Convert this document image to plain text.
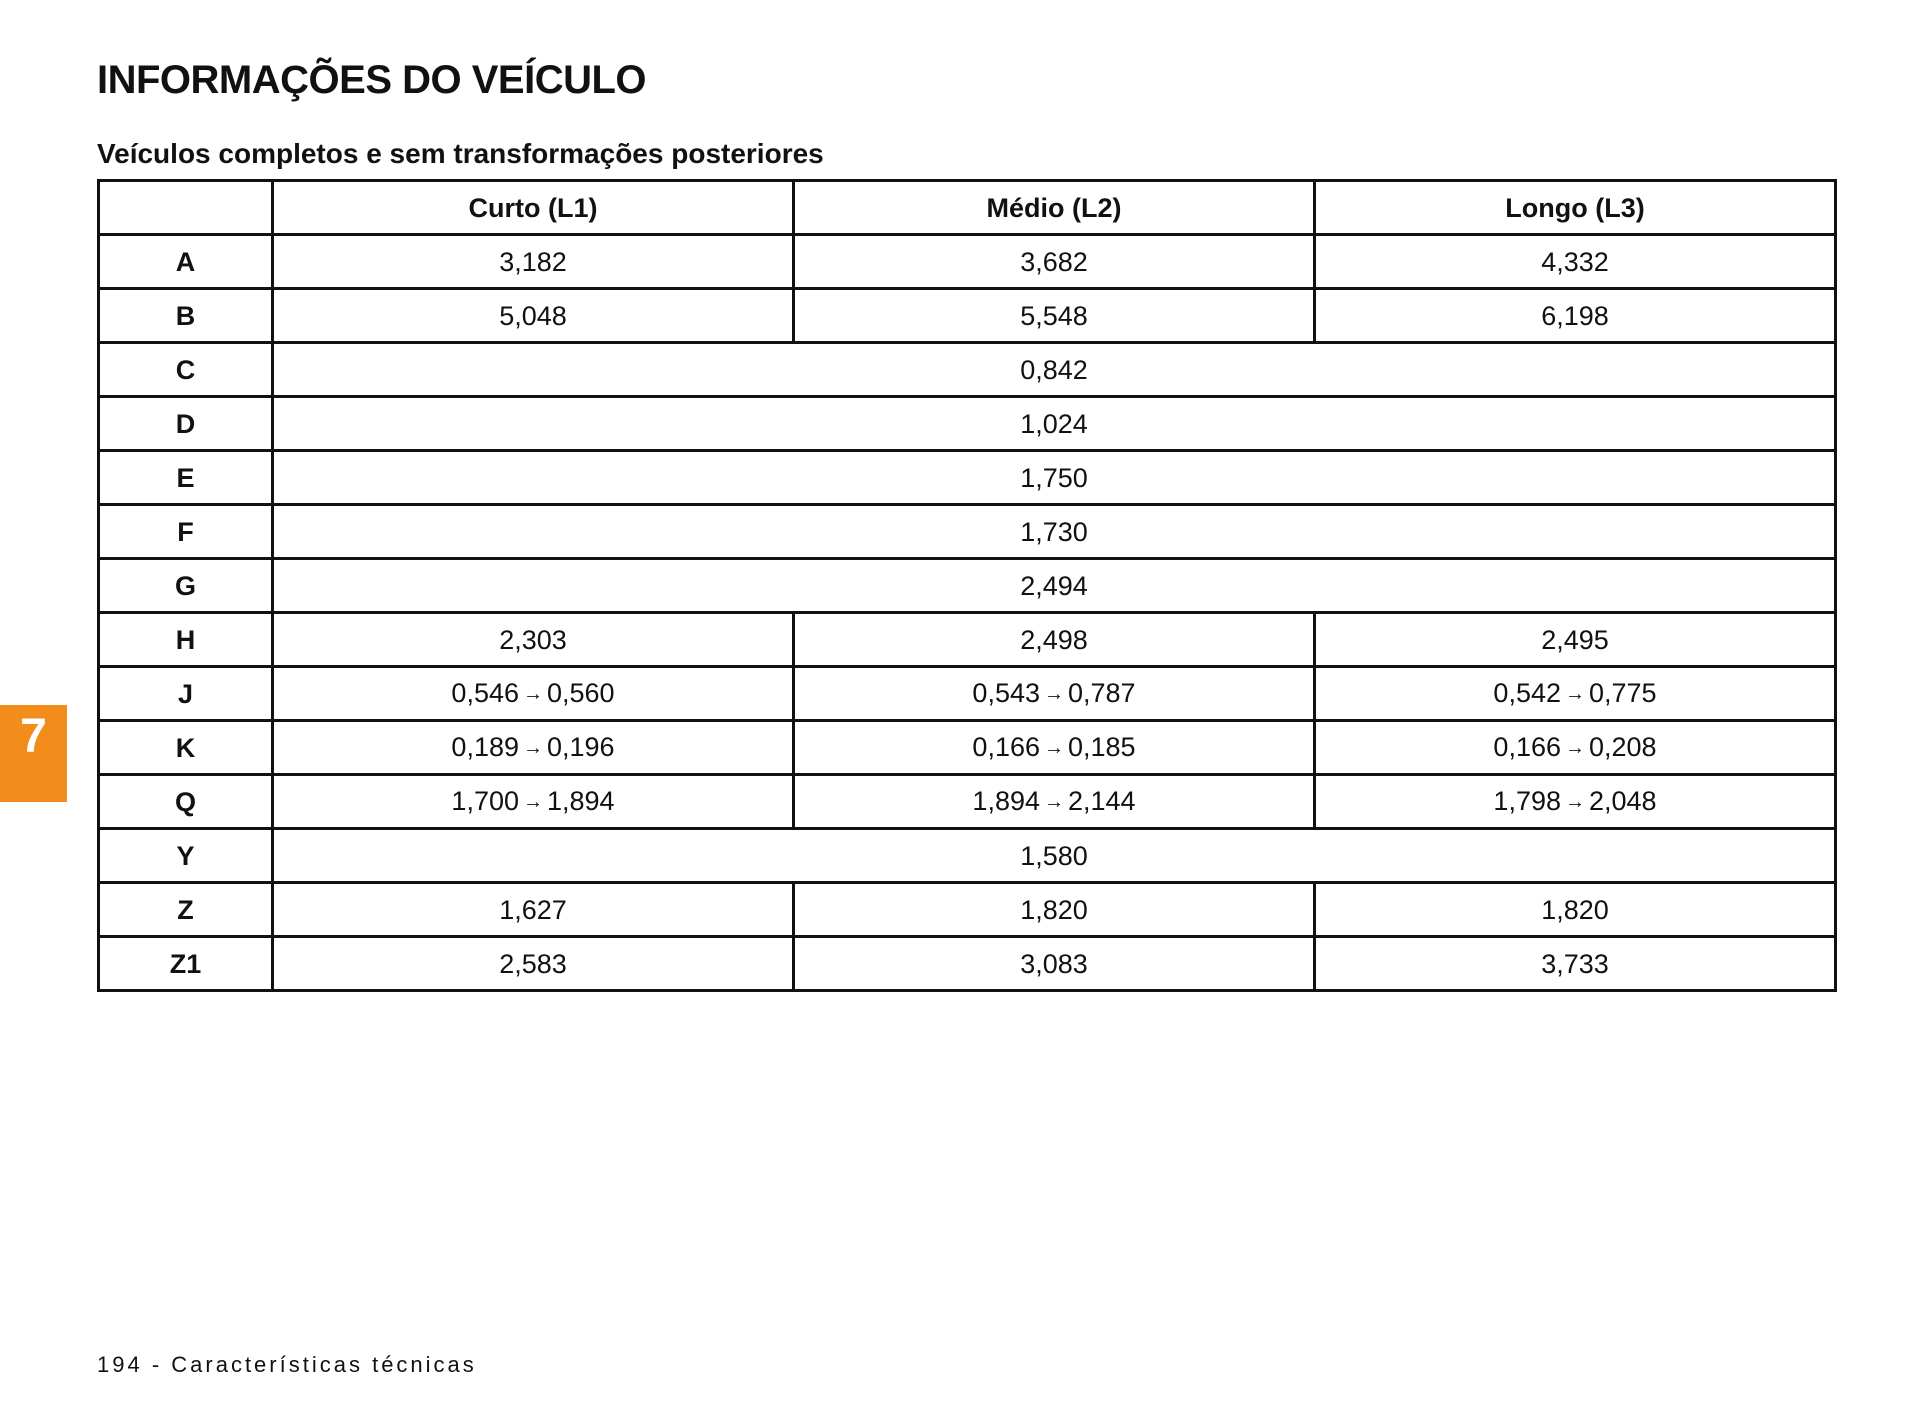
INFORMAÇÕES DO VEÍCULO
Veículos completos e sem transformações posteriores
	Curto (L1)	Médio (L2)	Longo (L3)
A	3,182	3,682	4,332
B	5,048	5,548	6,198
C	0,842		
D	1,024		
E	1,750		
F	1,730		
G	2,494		
H	2,303	2,498	2,495
J	0,546 → 0,560	0,543 → 0,787	0,542 → 0,775
K	0,189 → 0,196	0,166 → 0,185	0,166 → 0,208
Q	1,700 → 1,894	1,894 → 2,144	1,798 → 2,048
Y	1,580		
Z	1,627	1,820	1,820
Z1	2,583	3,083	3,733
7

194 - Características técnicas
